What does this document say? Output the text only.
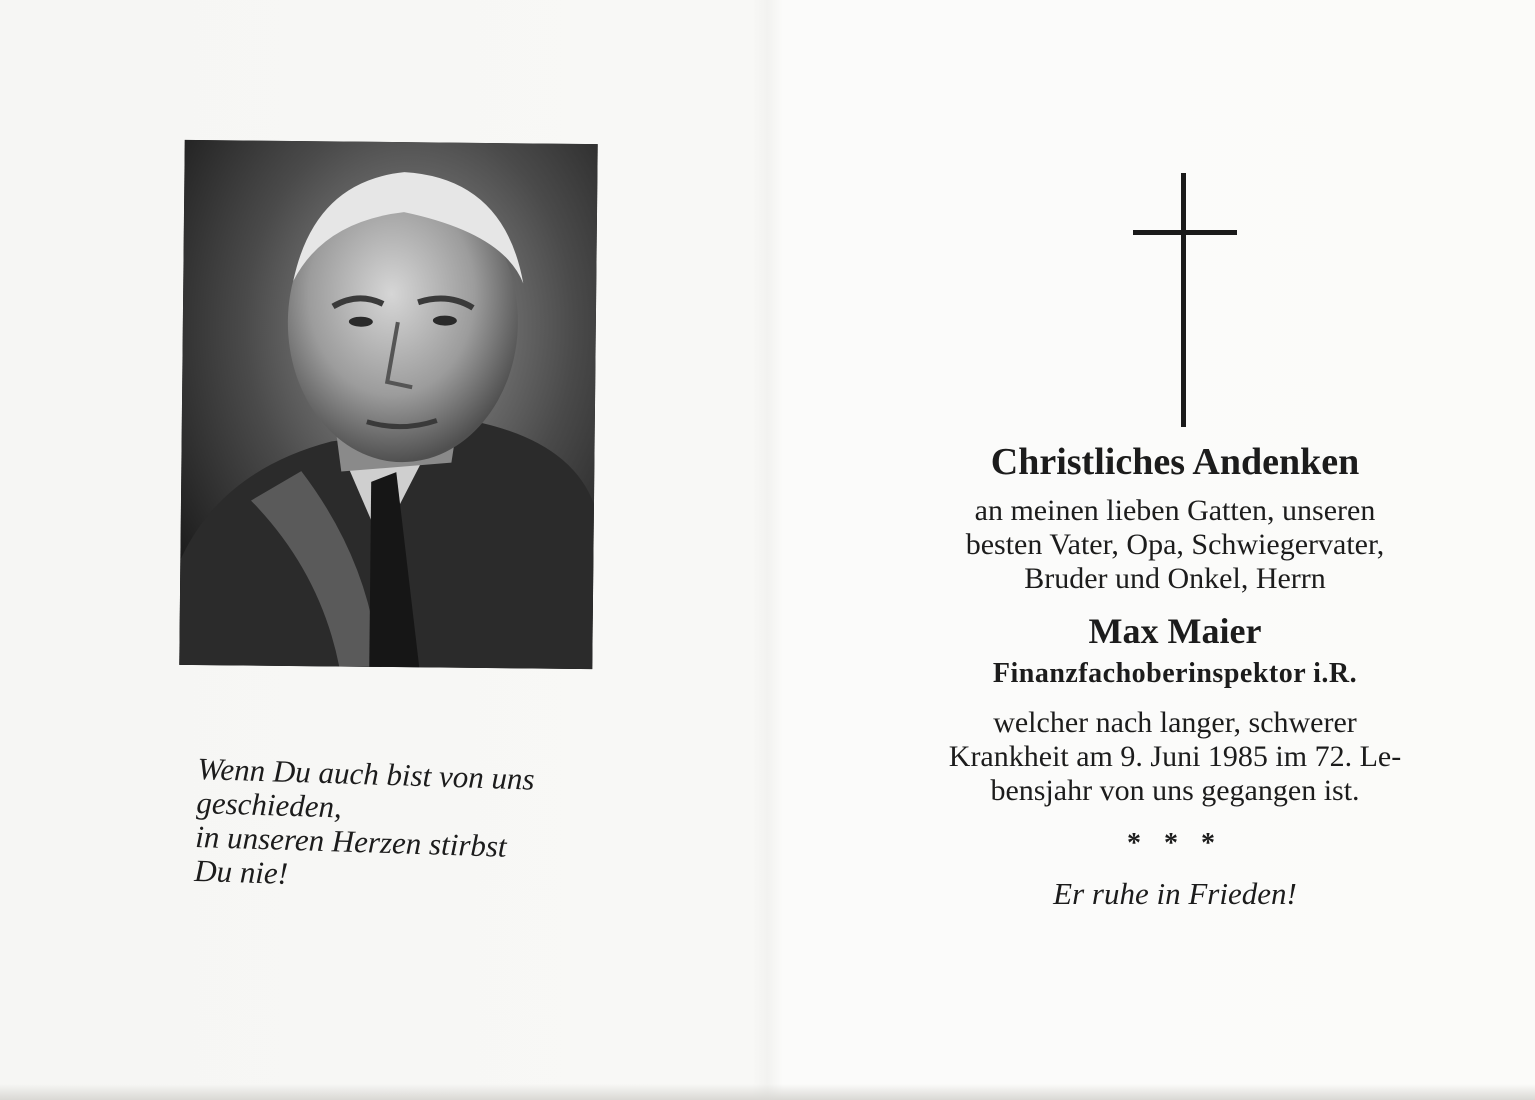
Wenn Du auch bist von uns
geschieden,
in unseren Herzen stirbst
Du nie!
Christliches Andenken
an meinen lieben Gatten, unseren
besten Vater, Opa, Schwiegervater,
Bruder und Onkel, Herrn
Max Maier
Finanzfachoberinspektor i.R.
welcher nach langer, schwerer
Krankheit am 9. Juni 1985 im 72. Le-
bensjahr von uns gegangen ist.
* * *
Er ruhe in Frieden!
